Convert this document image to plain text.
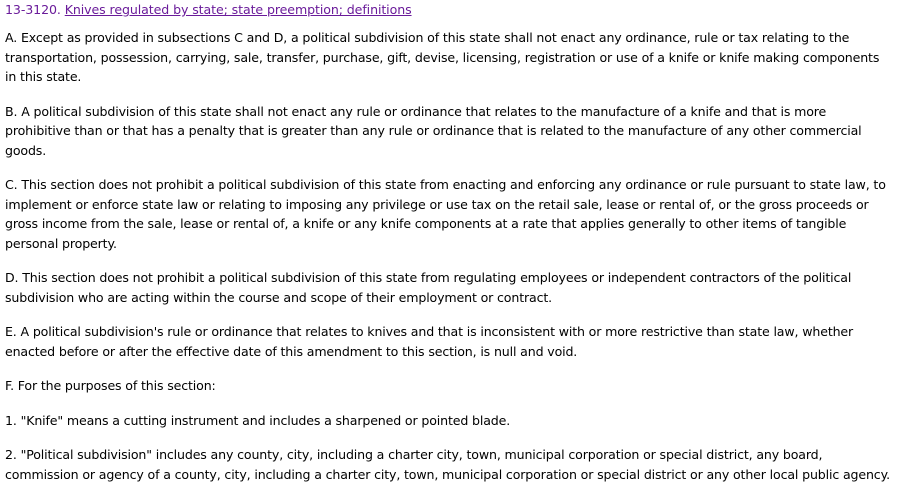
13-3120. Knives regulated by state; state preemption; definitions

A. Except as provided in subsections C and D, a political subdivision of this state shall not enact any ordinance, rule or tax relating to the transportation, possession, carrying, sale, transfer, purchase, gift, devise, licensing, registration or use of a knife or knife making components in this state.

B. A political subdivision of this state shall not enact any rule or ordinance that relates to the manufacture of a knife and that is more prohibitive than or that has a penalty that is greater than any rule or ordinance that is related to the manufacture of any other commercial goods.

C. This section does not prohibit a political subdivision of this state from enacting and enforcing any ordinance or rule pursuant to state law, to implement or enforce state law or relating to imposing any privilege or use tax on the retail sale, lease or rental of, or the gross proceeds or gross income from the sale, lease or rental of, a knife or any knife components at a rate that applies generally to other items of tangible personal property.

D. This section does not prohibit a political subdivision of this state from regulating employees or independent contractors of the political subdivision who are acting within the course and scope of their employment or contract.

E. A political subdivision's rule or ordinance that relates to knives and that is inconsistent with or more restrictive than state law, whether enacted before or after the effective date of this amendment to this section, is null and void.

F. For the purposes of this section:

1. "Knife" means a cutting instrument and includes a sharpened or pointed blade.

2. "Political subdivision" includes any county, city, including a charter city, town, municipal corporation or special district, any board, commission or agency of a county, city, including a charter city, town, municipal corporation or special district or any other local public agency.
